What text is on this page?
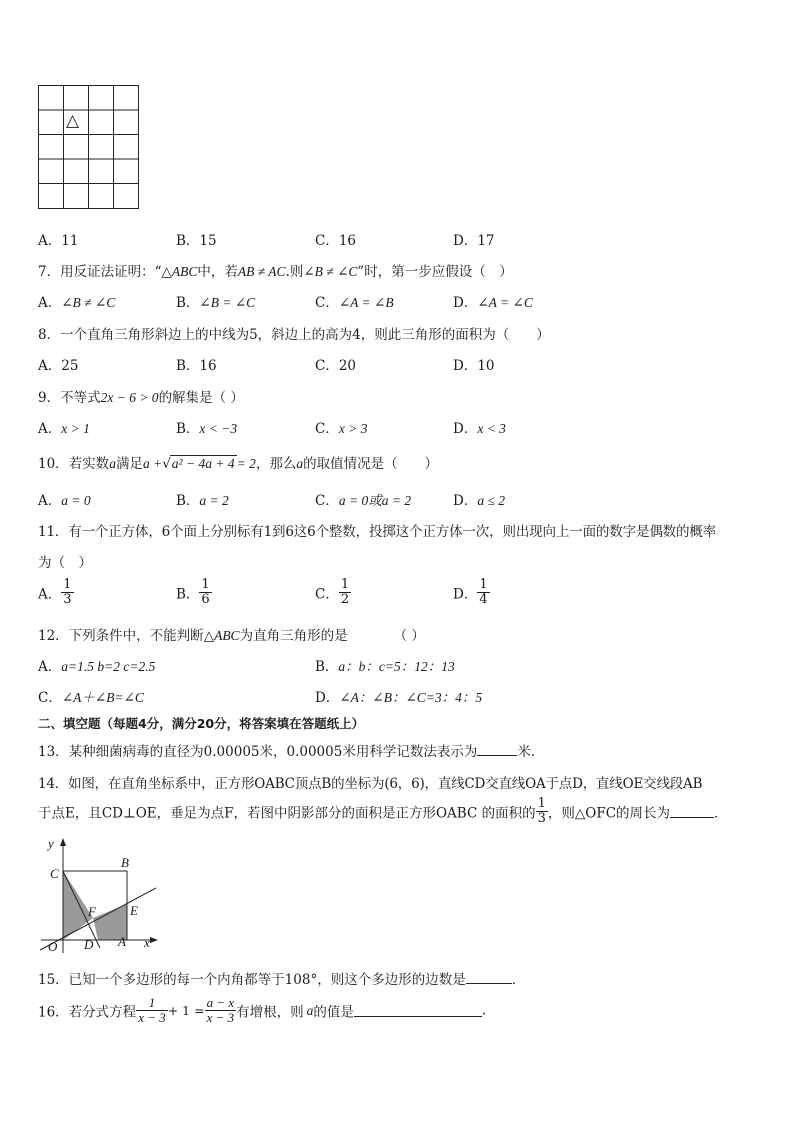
△
A．11	B．15	C．16	D．17
7．用反证法证明：“△ABC中，若AB ≠ AC.则∠B ≠ ∠C”时，第一步应假设（　）
A．∠B ≠ ∠C	B．∠B = ∠C	C．∠A = ∠B	D．∠A = ∠C
8．一个直角三角形斜边上的中线为5，斜边上的高为4，则此三角形的面积为（　　）
A．25	B．16	C．20	D．10
9．不等式2x − 6 > 0的解集是（ ）
A．x > 1	B．x < −3	C．x > 3	D．x < 3
10．若实数a满足a +√a² − 4a + 4 = 2，那么a的取值情况是（　　）
A．a = 0	B．a = 2	C．a = 0或a = 2	D．a ≤ 2
11．有一个正方体，6个面上分别标有1到6这6个整数，投掷这个正方体一次，则出现向上一面的数字是偶数的概率
为（　）
A． $\frac{1}{3}$	B． $\frac{1}{6}$	C． $\frac{1}{2}$	D． $\frac{1}{4}$
12．下列条件中，不能判断△ABC为直角三角形的是	（ ）
A．a=1.5 b=2 c=2.5	B．a：b：c=5：12：13
C．∠A＋∠B=∠C	D．∠A：∠B：∠C=3：4：5
二、填空题（每题4分，满分20分，将答案填在答题纸上）
13．某种细菌病毒的直径为0.00005米，0.00005米用科学记数法表示为	米．
14．如图，在直角坐标系中，正方形OABC顶点B的坐标为(6，6)，直线CD交直线OA于点D，直线OE交线段AB
于点E，且CD⊥OE，垂足为点F，若图中阴影部分的面积是正方形OABC 的面积的 $\frac{1}{3}$ ，则△OFC的周长为	．
y
x
C
B
F	E
O D A
15．已知一个多边形的每一个内角都等于108°，则这个多边形的边数是	．
16．若分式方程 $\frac{1}{x - 3} + 1 = \frac{a - x}{x - 3}$ 有增根，则 a的值是	.
